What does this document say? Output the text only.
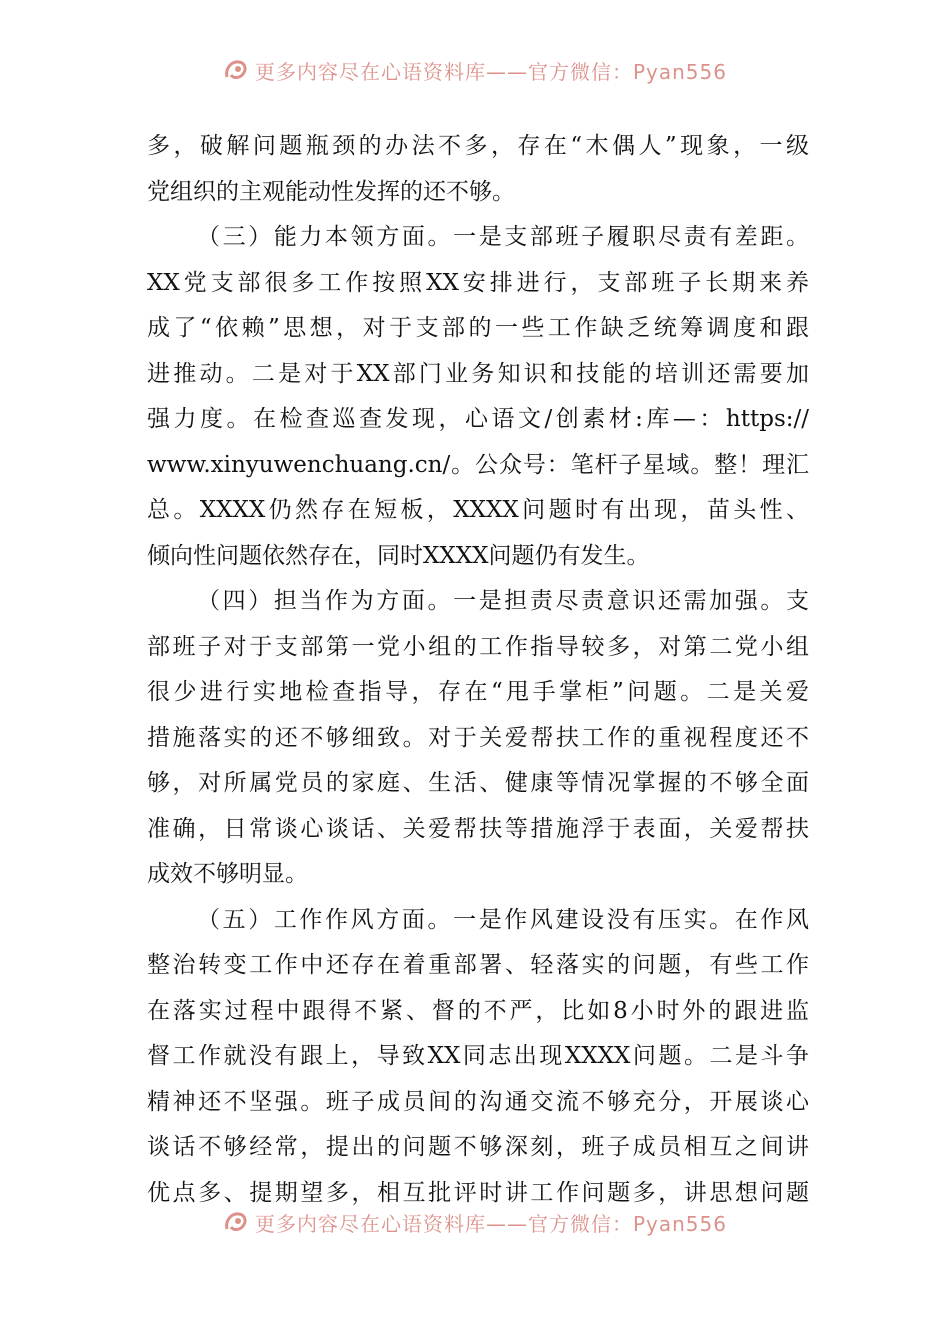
更多内容尽在心语资料库——官方微信：Pyan556
多，破解问题瓶颈的办法不多，存在“木偶人”现象，一级
党组织的主观能动性发挥的还不够。
（三）能力本领方面。一是支部班子履职尽责有差距。
XX党支部很多工作按照XX安排进行，支部班子长期来养
成了“依赖”思想，对于支部的一些工作缺乏统筹调度和跟
进推动。二是对于XX部门业务知识和技能的培训还需要加
强力度。在检查巡查发现，心语文/创素材:库—：https://
www.xinyuwenchuang.cn/。公众号：笔杆子星域。整！理汇
总。XXXX仍然存在短板，XXXX问题时有出现，苗头性、
倾向性问题依然存在，同时XXXX问题仍有发生。
（四）担当作为方面。一是担责尽责意识还需加强。支
部班子对于支部第一党小组的工作指导较多，对第二党小组
很少进行实地检查指导，存在“甩手掌柜”问题。二是关爱
措施落实的还不够细致。对于关爱帮扶工作的重视程度还不
够，对所属党员的家庭、生活、健康等情况掌握的不够全面
准确，日常谈心谈话、关爱帮扶等措施浮于表面，关爱帮扶
成效不够明显。
（五）工作作风方面。一是作风建设没有压实。在作风
整治转变工作中还存在着重部署、轻落实的问题，有些工作
在落实过程中跟得不紧、督的不严，比如8小时外的跟进监
督工作就没有跟上，导致XX同志出现XXXX问题。二是斗争
精神还不坚强。班子成员间的沟通交流不够充分，开展谈心
谈话不够经常，提出的问题不够深刻，班子成员相互之间讲
优点多、提期望多，相互批评时讲工作问题多，讲思想问题
更多内容尽在心语资料库——官方微信：Pyan556
